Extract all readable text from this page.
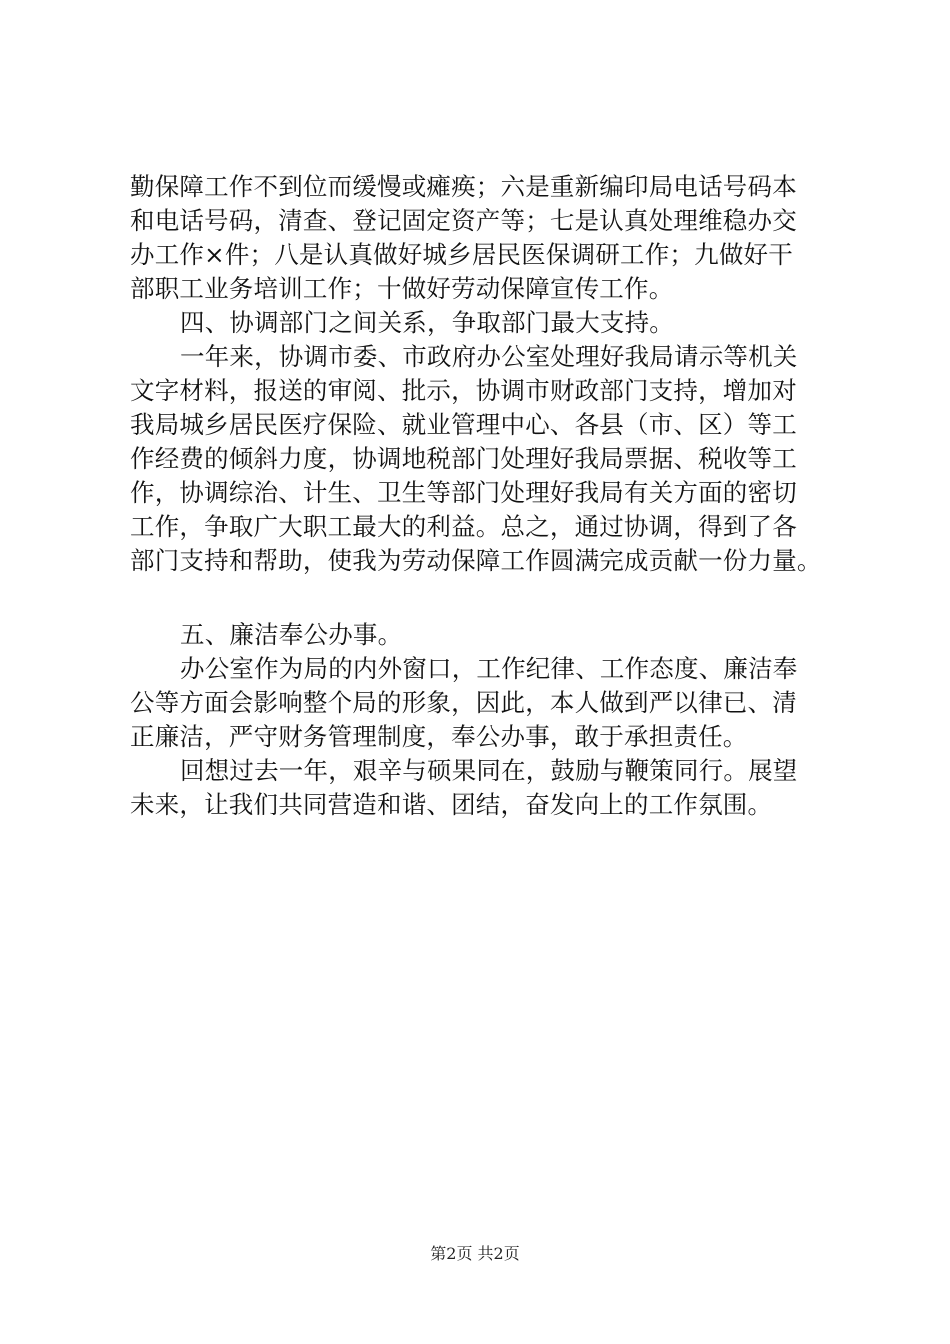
勤保障工作不到位而缓慢或瘫痪；六是重新编印局电话号码本
和电话号码，清查、登记固定资产等；七是认真处理维稳办交
办工作×件；八是认真做好城乡居民医保调研工作；九做好干
部职工业务培训工作；十做好劳动保障宣传工作。
四、协调部门之间关系，争取部门最大支持。
一年来，协调市委、市政府办公室处理好我局请示等机关
文字材料，报送的审阅、批示，协调市财政部门支持，增加对
我局城乡居民医疗保险、就业管理中心、各县（市、区）等工
作经费的倾斜力度，协调地税部门处理好我局票据、税收等工
作，协调综治、计生、卫生等部门处理好我局有关方面的密切
工作，争取广大职工最大的利益。总之，通过协调，得到了各
部门支持和帮助，使我为劳动保障工作圆满完成贡献一份力量。
五、廉洁奉公办事。
办公室作为局的内外窗口，工作纪律、工作态度、廉洁奉
公等方面会影响整个局的形象，因此，本人做到严以律已、清
正廉洁，严守财务管理制度，奉公办事，敢于承担责任。
回想过去一年，艰辛与硕果同在，鼓励与鞭策同行。展望
未来，让我们共同营造和谐、团结，奋发向上的工作氛围。
第2页 共2页
